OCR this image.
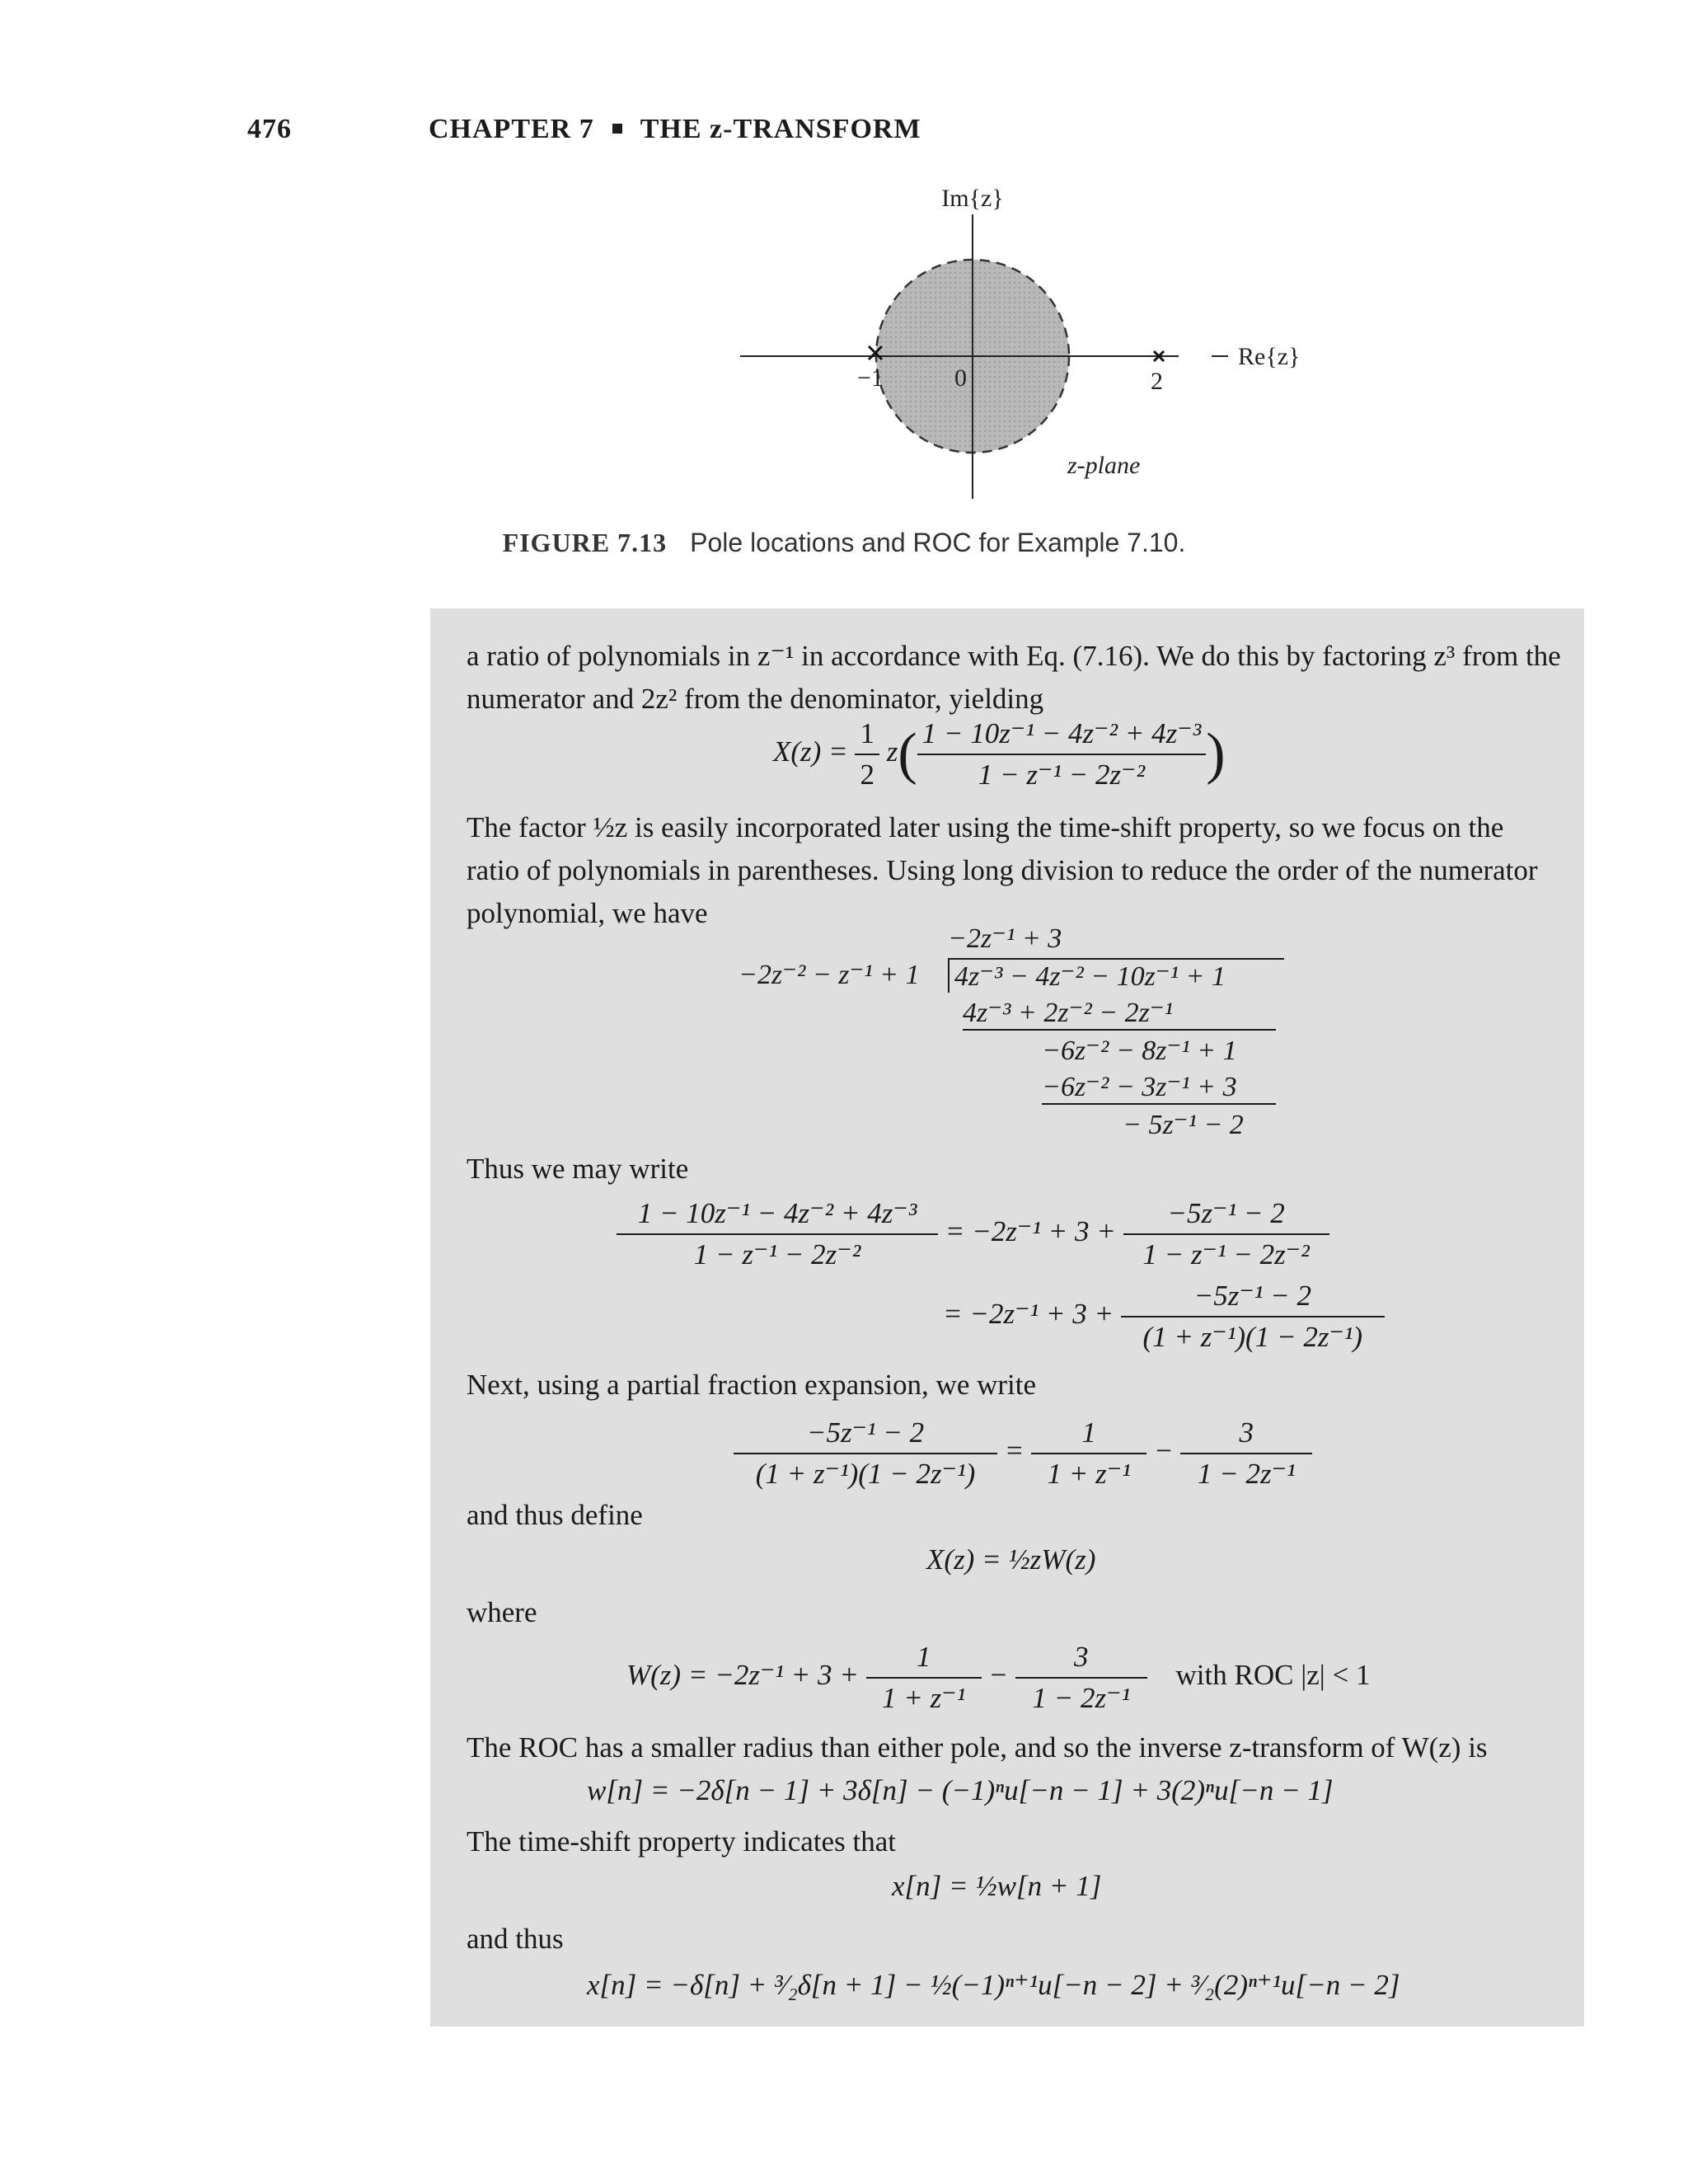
476	CHAPTER 7 THE z-TRANSFORM
Im{z}
Re{z}
−1	0	2
z-plane
FIGURE 7.13 Pole locations and ROC for Example 7.10.
a ratio of polynomials in z⁻¹ in accordance with Eq. (7.16). We do this by factoring z³ from the numerator and 2z² from the denominator, yielding
$X(z) = \frac{1}{2} z( \frac{\text{1 − 10z⁻¹ − 4z⁻² + 4z⁻³}}{\text{1 − z⁻¹ − 2z⁻²}}$ )
The factor ½z is easily incorporated later using the time-shift property, so we focus on the ratio of polynomials in parentheses. Using long division to reduce the order of the numerator polynomial, we have
−2z⁻¹ + 3
−2z⁻² − z⁻¹ + 1 4z⁻³ − 4z⁻² − 10z⁻¹ + 1
4z⁻³ + 2z⁻² − 2z⁻¹
−6z⁻² − 8z⁻¹ + 1
−6z⁻² − 3z⁻¹ + 3
− 5z⁻¹ − 2
Thus we may write
$\frac{\text{1 − 10z⁻¹ − 4z⁻² + 4z⁻³}}{\text{1 − z⁻¹ − 2z⁻²}} = -2z^{-1} + 3 + \frac{\text{−5z⁻¹ − 2}}{\text{1 − z⁻¹ − 2z⁻²}}$
= $-2z^{-1} + 3 + \frac{\text{−5z⁻¹ − 2}}{\text{(1 + z⁻¹)(1 − 2z⁻¹)}}$
Next, using a partial fraction expansion, we write
$\frac{\text{−5z⁻¹ − 2}}{\text{(1 + z⁻¹)(1 − 2z⁻¹)}} = \frac{1}{\text{1 + z⁻¹}} - \frac{3}{\text{1 − 2z⁻¹}}$
and thus define
X(z) = ½zW(z)
where
$W(z) = -2z^{-1} + 3 + \frac{1}{\text{1 + z⁻¹}} - \frac{3}{\text{1 − 2z⁻¹}}$ with ROC |z| < 1
The ROC has a smaller radius than either pole, and so the inverse z-transform of W(z) is
w[n] = −2δ[n − 1] + 3δ[n] − (−1)ⁿu[−n − 1] + 3(2)ⁿu[−n − 1]
The time-shift property indicates that
x[n] = ½w[n + 1]
and thus
x[n] = −δ[n] + ³⁄₂δ[n + 1] − ½(−1)ⁿ⁺¹u[−n − 2] + ³⁄₂(2)ⁿ⁺¹u[−n − 2]
